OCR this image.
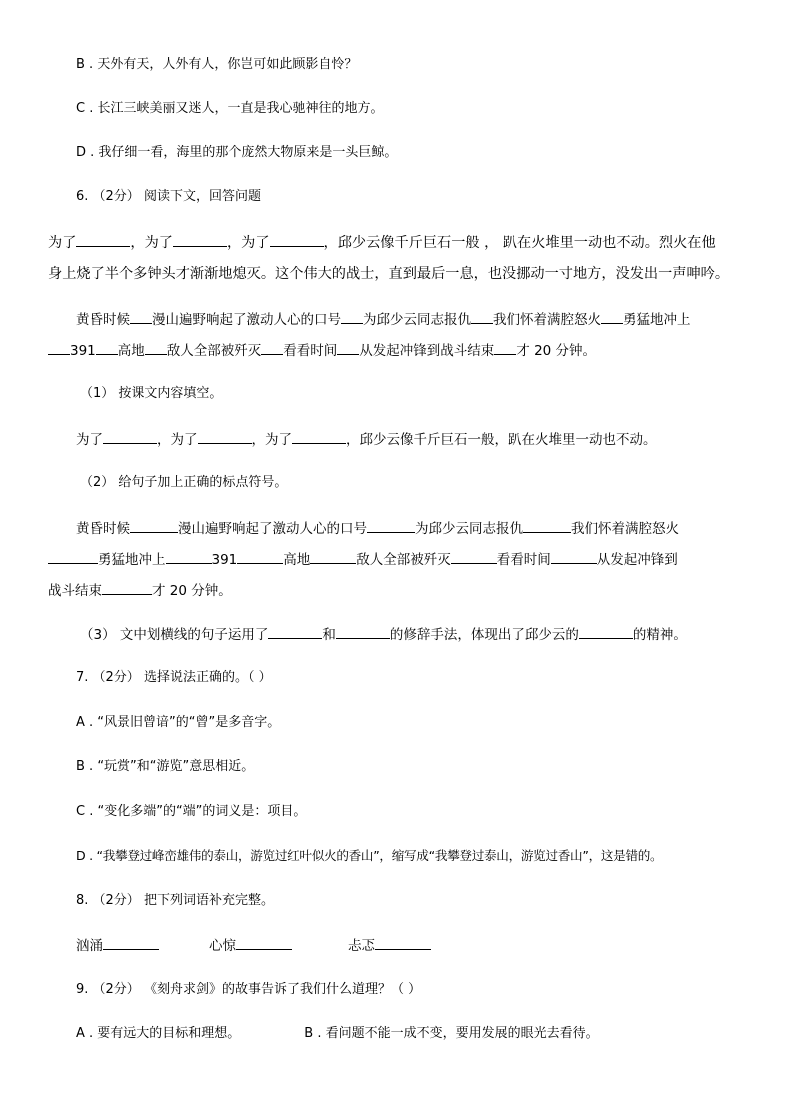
B . 天外有天，人外有人，你岂可如此顾影自怜？
C . 长江三峡美丽又迷人，一直是我心驰神往的地方。
D . 我仔细一看，海里的那个庞然大物原来是一头巨鲸。
6. （2分） 阅读下文，回答问题
为了	，为了	，为了	，邱少云像千斤巨石一般 ， 趴在火堆里一动也不动。烈火在他
身上烧了半个多钟头才渐渐地熄灭。这个伟大的战士，直到最后一息，也没挪动一寸地方，没发出一声呻吟。
黄昏时候 漫山遍野响起了激动人心的口号 为邱少云同志报仇 我们怀着满腔怒火 勇猛地冲上
391 高地 敌人全部被歼灭 看看时间 从发起冲锋到战斗结束 才 20 分钟。
（1） 按课文内容填空。
为了	，为了	，为了	，邱少云像千斤巨石一般，趴在火堆里一动也不动。
（2） 给句子加上正确的标点符号。
黄昏时候	漫山遍野响起了激动人心的口号	为邱少云同志报仇	我们怀着满腔怒火
勇猛地冲上	391	高地	敌人全部被歼灭	看看时间	从发起冲锋到
战斗结束	才 20 分钟。
（3） 文中划横线的句子运用了	和	的修辞手法，体现出了邱少云的	的精神。
7. （2分） 选择说法正确的。（ ）
A . “风景旧曾谙”的“曾”是多音字。
B . “玩赏”和“游览”意思相近。
C . “变化多端”的“端”的词义是：项目。
D . “我攀登过峰峦雄伟的泰山，游览过红叶似火的香山”，缩写成“我攀登过泰山，游览过香山”，这是错的。
8. （2分） 把下列词语补充完整。
汹涌	心惊	忐忑
9. （2分） 《刻舟求剑》的故事告诉了我们什么道理？（ ）
A . 要有远大的目标和理想。	B . 看问题不能一成不变，要用发展的眼光去看待。
